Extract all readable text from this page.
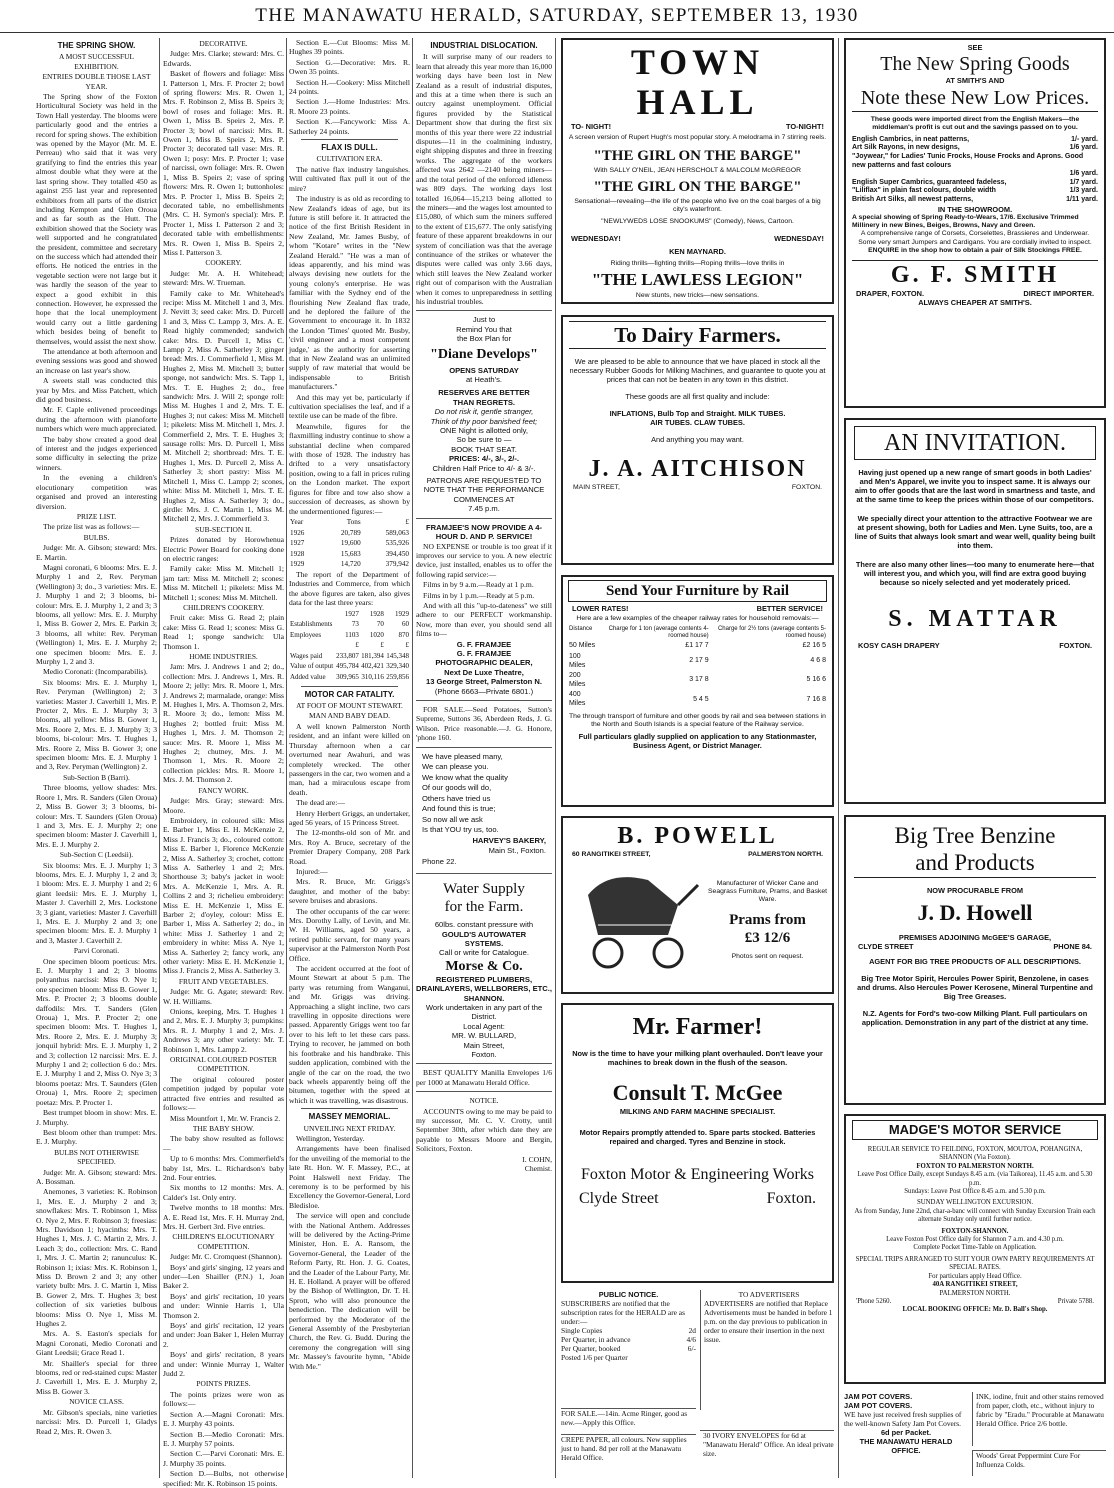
THE MANAWATU HERALD, SATURDAY, SEPTEMBER 13, 1930
THE SPRING SHOW.
A MOST SUCCESSFUL EXHIBITION.
ENTRIES DOUBLE THOSE LAST YEAR.

The Spring show of the Foxton Horticultural Society was held in the Town Hall yesterday. The blooms were particularly good and the entries a record for spring shows. The exhibition was opened by the Mayor (Mr. M. E. Perreau) who said that it was very gratifying to find the entries this year almost double what they were at the last spring show. They totalled 450 as against 255 last year and represented exhibitors from all parts of the district including Kempton and Glen Oroua and as far south as the Hutt. The exhibition showed that the Society was well supported and he congratulated the president, committee and secretary on the success which had attended their efforts. He noticed the entries in the vegetable section were not large but it was hardly the season of the year to expect a good exhibit in this connection. However, he expressed the hope that the local unemployment would carry out a little gardening which besides being of benefit to themselves, would assist the next show.

The attendance at both afternoon and evening sessions was good and showed an increase on last year's show.

A sweets stall was conducted this year by Mrs. and Miss Patchett, which did good business.

Mr. F. Caple enlivened proceedings during the afternoon with pianoforte numbers which were much appreciated.

The baby show created a good deal of interest and the judges experienced some difficulty in selecting the prize winners.

In the evening a children's elocutionary competition was organised and proved an interesting diversion.

PRIZE LIST.

The prize list was as follows:—

BULBS.

Judge: Mr. A. Gibson; steward: Mrs. E. Martin.

Magni coronati, 6 blooms: Mrs. E. J. Murphy 1 and 2, Rev. Peryman (Wellington) 3; do., 3 varieties: Mrs. E. J. Murphy 1 and 2; 3 blooms, bi-colour: Mrs. E. J. Murphy 1, 2 and 3; 3 blooms, all yellow: Mrs. E. J. Murphy 1, Miss B. Gower 2, Mrs. E. Parkin 3; 3 blooms, all white: Rev. Peryman (Wellington) 1, Mrs. E. J. Murphy 2; one specimen bloom: Mrs. E. J. Murphy 1, 2 and 3.

Medio Coronati: (Incomparabilis).

Six blooms: Mrs. E. J. Murphy 1, Rev. Peryman (Wellington) 2; 3 varieties: Master J. Caverhill 1, Mrs. P. Procter 2, Mrs. E. J. Murphy 3; 3 blooms, all yellow: Miss B. Gower 1, Mrs. Roore 2, Mrs. E. J. Murphy 3; 3 blooms, bi-colour: Mrs. T. Hughes 1, Mrs. Roore 2, Miss B. Gower 3; one specimen bloom: Mrs. E. J. Murphy 1 and 3, Rev. Peryman (Wellington) 2.

Sub-Section B (Barri).

Three blooms, yellow shades: Mrs. Roore 1, Mrs. R. Sanders (Glen Oroua) 2, Miss B. Gower 3; 3 blooms, bi-colour: Mrs. T. Saunders (Glen Oroua) 1 and 3, Mrs. E. J. Murphy 2; one specimen bloom: Master J. Caverhill 1, Mrs. E. J. Murphy 2.

Sub-Section C (Leedsii).

Six blooms: Mrs. E. J. Murphy 1; 3 blooms, Mrs. E. J. Murphy 1, 2 and 3; 1 bloom: Mrs. E. J. Murphy 1 and 2; 6 giant leedsii: Mrs. E. J. Murphy 1, Master J. Caverhill 2, Mrs. Lockstone 3; 3 giant, varieties: Master J. Caverhill 1, Mrs. E. J. Murphy 2 and 3; one specimen bloom: Mrs. E. J. Murphy 1 and 3, Master J. Caverhill 2.

Parvi Coronati.

One specimen bloom poeticus: Mrs. E. J. Murphy 1 and 2; 3 blooms polyanthus narcissi: Miss O. Nye 1; one specimen bloom: Miss B. Gower 1, Mrs. P. Procter 2; 3 blooms double daffodils: Mrs. T. Sanders (Glen Oroua) 1, Mrs. P. Procter 2; one specimen bloom: Mrs. T. Hughes 1, Mrs. Roore 2, Mrs. E. J. Murphy 3; jonquil hybrid: Mrs. E. J. Murphy 1, 2 and 3; collection 12 narcissi: Mrs. E. J. Murphy 1 and 2; collection 6 do.: Mrs. E. J. Murphy 1 and 2, Miss O. Nye 3; 3 blooms poetaz: Mrs. T. Saunders (Glen Oroua) 1, Mrs. Roore 2; specimen poetaz: Mrs. P. Procter 1.

Best trumpet bloom in show: Mrs. E. J. Murphy.

Best bloom other than trumpet: Mrs. E. J. Murphy.

BULBS NOT OTHERWISE SPECIFIED.

Judge: Mr. A. Gibson; steward: Mrs. A. Bossman.

Anemones, 3 varieties: K. Robinson 1, Mrs. E. J. Murphy 2 and 3; snowflakes: Mrs. T. Robinson 1, Miss O. Nye 2, Mrs. F. Robinson 3; freesias: Mrs. Davidson 1; hyacinths: Mrs. T. Hughes 1, Mrs. J. C. Martin 2, Mrs. J. Leach 3; do., collection: Mrs. C. Rand 1, Mrs. J. C. Martin 2; ranunculus: K. Robinson 1; ixias: Mrs. K. Robinson 1, Miss D. Brown 2 and 3; any other variety bulb: Mrs. J. C. Martin 1, Miss B. Gower 2, Mrs. T. Hughes 3; best collection of six varieties bulbous blooms: Miss O. Nye 1, Miss M. Hughes 2.

Mrs. A. S. Easton's specials for Magni Coronati, Medio Coronati and Giant Leedsii; Grace Read 1.

Mr. Shailler's special for three blooms, red or red-stained cups: Master J. Caverhill 1, Mrs. E. J. Murphy 2, Miss B. Gower 3.

NOVICE CLASS.

Mr. Gibson's specials, nine varieties narcissi: Mrs. D. Purcell 1, Gladys Read 2, Mrs. R. Owen 3.

DECORATIVE.

Judge: Mrs. Clarke; steward: Mrs. C. Edwards.

Basket of flowers and foliage: Miss I. Patterson 1, Mrs. F. Procter 2; bowl of spring flowers: Mrs. R. Owen 1, Mrs. F. Robinson 2, Miss B. Speirs 3; bowl of roses and foliage: Mrs. R. Owen 1, Miss B. Speirs 2, Mrs. P. Procter 3; bowl of narcissi: Mrs. R. Owen 1, Miss B. Speirs 2, Mrs. P. Procter 3; decorated tall vase: Mrs. R. Owen 1; posy: Mrs. P. Procter 1; vase of narcissi, own foliage: Mrs. R. Owen 1, Miss B. Speirs 2; vase of spring flowers: Mrs. R. Owen 1; buttonholes: Mrs. P. Procter 1, Miss B. Speirs 2; decorated table, no embellishments (Mrs. C. H. Symon's special): Mrs. P. Procter 1, Miss I. Patterson 2 and 3; decorated table with embellishments: Mrs. R. Owen 1, Miss B. Speirs 2, Miss I. Patterson 3.

COOKERY.

Judge: Mr. A. H. Whitehead; steward: Mrs. W. Trueman.

Family cake to Mr. Whitehead's recipe: Miss M. Mitchell 1 and 3, Mrs. J. Nevitt 3; seed cake: Mrs. D. Purcell 1 and 3, Miss C. Lampp 3, Mrs. A. E. Read highly commended; sandwich cake: Mrs. D. Purcell 1, Miss C. Lampp 2, Miss A. Satherley 3; ginger bread: Mrs. J. Commerfield 1, Miss M. Hughes 2, Miss M. Mitchell 3; butter sponge, not sandwich: Mrs. S. Tapp 1, Mrs. T. E. Hughes 2; do., free sandwich: Mrs. J. Will 2; sponge roll: Miss M. Hughes 1 and 2, Mrs. T. E. Hughes 3; nut cakes: Miss M. Mitchell 1; pikelets: Miss M. Mitchell 1, Mrs. J. Commerfield 2, Mrs. T. E. Hughes 3; sausage rolls: Mrs. D. Purcell 1, Miss M. Mitchell 2; shortbread: Mrs. T. E. Hughes 1, Mrs. D. Purcell 2, Miss A. Satherley 3; short pastry: Miss M. Mitchell 1, Miss C. Lampp 2; scones, white: Miss M. Mitchell 1, Mrs. T. E. Hughes 2, Miss A. Satherley 3; do., girdle: Mrs. J. C. Martin 1, Miss M. Mitchell 2, Mrs. J. Commerfield 3.

SUB-SECTION II.

Prizes donated by Horowhenua Electric Power Board for cooking done on electric ranges:

Family cake: Miss M. Mitchell 1; jam tart: Miss M. Mitchell 2; scones: Miss M. Mitchell 1; pikelets: Miss M. Mitchell 1; scones: Miss M. Mitchell.

CHILDREN'S COOKERY.

Fruit cake: Miss G. Read 2; plain cake: Miss G. Read 1; scones: Miss G. Read 1; sponge sandwich: Ula Thomson 1.

HOME INDUSTRIES.

Jam: Mrs. J. Andrews 1 and 2; do., collection: Mrs. J. Andrews 1, Mrs. R. Moore 2; jelly: Mrs. R. Moore 1, Mrs. J. Andrews 2; marmalade, orange: Miss M. Hughes 1, Mrs. A. Thomson 2, Mrs. R. Moore 3; do., lemon: Miss M. Hughes 2; bottled fruit: Miss M. Hughes 1, Mrs. J. M. Thomson 2; sauce: Mrs. R. Moore 1, Miss M. Hughes 2; chutney, Mrs. J. M. Thomson 1, Mrs. R. Moore 2; collection pickles: Mrs. R. Moore 1, Mrs. J. M. Thomson 2.

FANCY WORK.

Judge: Mrs. Gray; steward: Mrs. Moore.

Embroidery, in coloured silk: Miss E. Barber 1, Miss E. H. McKenzie 2, Miss J. Francis 3; do., coloured cotton: Miss E. Barber 1, Florence McKenzie 2, Miss A. Satherley 3; crochet, cotton: Miss A. Satherley 1 and 2; Mrs. Shorthouse 3; baby's jacket in wool: Mrs. A. McKenzie 1, Mrs. A. R. Collins 2 and 3; richelieu embroidery: Miss E. H. McKenzie 1, Miss E. Barber 2; d'oyley, colour: Miss E. Barber 1, Miss A. Satherley 2; do., in white: Miss J. Satherley 1 and 2; embroidery in white: Miss A. Nye 1, Miss A. Satherley 2; fancy work, any other variety: Miss E. H. McKenzie 1, Miss J. Francis 2, Miss A. Satherley 3.

FRUIT AND VEGETABLES.

Judge: Mr. G. Agate; steward: Rev. W. H. Williams.

Onions, keeping, Mrs. T. Hughes 1 and 2, Mrs. E. J. Murphy 3; pumpkins: Mrs. R. J. Murphy 1 and 2, Mrs. J. Andrews 3; any other variety: Mr. T. Robinson 1, Mrs. Lampp 2.

ORIGINAL COLOURED POSTER COMPETITION.

The original coloured poster competition judged by popular vote attracted five entries and resulted as follows:—

Miss Mountfort 1, Mr. W. Francis 2.

THE BABY SHOW.

The baby show resulted as follows:—

Up to 6 months: Mrs. Commerfield's baby 1st, Mrs. L. Richardson's baby 2nd. Four entries.

Six months to 12 months: Mrs. A. Calder's 1st. Only entry.

Twelve months to 18 months: Mrs. A. E. Read 1st, Mrs. F. H. Murray 2nd, Mrs. H. Gerbert 3rd. Five entries.

CHILDREN'S ELOCUTIONARY COMPETITION.

Judge: Mr. C. Cromquest (Shannon).

Boys' and girls' singing, 12 years and under—Len Shailler (P.N.) 1, Joan Baker 2.

Boys' and girls' recitation, 10 years and under: Winnie Harris 1, Ula Thomson 2.

Boys' and girls' recitation, 12 years and under: Joan Baker 1, Helen Murray 2.

Boys' and girls' recitation, 8 years and under: Winnie Murray 1, Walter Judd 2.

POINTS PRIZES.

The points prizes were won as follows:—

Section A.—Magni Coronati: Mrs. E. J. Murphy 43 points.

Section B.—Medio Coronati: Mrs. E. J. Murphy 57 points.

Section C.—Parvi Coronati: Mrs. E. J. Murphy 35 points.

Section D.—Bulbs, not otherwise specified: Mr. K. Robinson 15 points.

Section E.—Cut Blooms: Miss M. Hughes 39 points.

Section G.—Decorative: Mrs. R. Owen 35 points.

Section H.—Cookery: Miss Mitchell 24 points.

Section J.—Home Industries: Mrs. R. Moore 23 points.

Section K.—Fancywork: Miss A. Satherley 24 points.

FLAX IS DULL.
CULTIVATION ERA.

The native flax industry languishes. Will cultivated flax pull it out of the mire?

The industry is as old as recording to New Zealand's ideas of age, but its future is still before it. It attracted the notice of the first British Resident in New Zealand, Mr. James Busby, of whom "Kotare" writes in the "New Zealand Herald." "He was a man of ideas apparently, and his mind was always devising new outlets for the young colony's enterprise. He was familiar with the Sydney end of the flourishing New Zealand flax trade, and he deplored the failure of the Government to encourage it. In 1832 the London 'Times' quoted Mr. Busby, 'civil engineer and a most competent judge,' as the authority for asserting that in New Zealand was an unlimited supply of raw material that would be indispensable to British manufacturers."

And this may yet be, particularly if cultivation specialises the leaf, and if a textile use can be made of the fibre.

Meanwhile, figures for the flaxmilling industry continue to show a substantial decline when compared with those of 1928. The industry has drifted to a very unsatisfactory position, owing to a fall in prices ruling on the London market. The export figures for fibre and tow also show a succession of decreases, as shown by the undermentioned figures:—

Year	Tons	£
1926	20,789	589,063
1927	19,600	535,926
1928	15,683	394,450
1929	14,720	379,942

The report of the Department of Industries and Commerce, from which the above figures are taken, also gives data for the last three years:

	1927	1928	1929
Establishments	73	70	60
Employees	1103	1020	870
	£	£	£
Wages paid	233,807	181,394	145,348
Value of output	495,784	402,421	329,340
Added value	309,965	310,116	259,856
MOTOR CAR FATALITY.
AT FOOT OF MOUNT STEWART.
MAN AND BABY DEAD.

A well known Palmerston North resident, and an infant were killed on Thursday afternoon when a car overturned near Awahuri, and was completely wrecked. The other passengers in the car, two women and a man, had a miraculous escape from death.

The dead are:—

Henry Herbert Griggs, an undertaker, aged 56 years, of 15 Princess Street.

The 12-months-old son of Mr. and Mrs. Roy A. Bruce, secretary of the Premier Drapery Company, 208 Park Road.

Injured:—

Mrs. R. Bruce, Mr. Griggs's daughter, and mother of the baby: severe bruises and abrasions.

The other occupants of the car were: Mrs. Dorothy Lally, of Levin, and Mr. W. H. Williams, aged 50 years, a retired public servant, for many years supervisor at the Palmerston North Post Office.

The accident occurred at the foot of Mount Stewart at about 5 p.m. The party was returning from Wanganui, and Mr. Griggs was driving. Approaching a slight incline, two cars travelling in opposite directions were passed. Apparently Griggs went too far over to his left to let these cars pass. Trying to recover, he jammed on both his footbrake and his handbrake. This sudden application, combined with the angle of the car on the road, the two back wheels apparently being off the bitumen, together with the speed at which it was travelling, was disastrous.

MASSEY MEMORIAL.
UNVEILING NEXT FRIDAY.

Wellington, Yesterday.

Arrangements have been finalised for the unveiling of the memorial to the late Rt. Hon. W. F. Massey, P.C., at Point Halswell next Friday. The ceremony is to be performed by his Excellency the Governor-General, Lord Bledisloe.

The service will open and conclude with the National Anthem. Addresses will be delivered by the Acting-Prime Minister, Hon. E. A. Ransom, the Governor-General, the Leader of the Reform Party, Rt. Hon. J. G. Coates, and the Leader of the Labour Party, Mr. H. E. Holland. A prayer will be offered by the Bishop of Wellington, Dr. T. H. Sprott, who will also pronounce the benediction. The dedication will be performed by the Moderator of the General Assembly of the Presbyterian Church, the Rev. G. Budd. During the ceremony the congregation will sing Mr. Massey's favourite hymn, "Abide With Me."

INDUSTRIAL DISLOCATION.

It will surprise many of our readers to learn that already this year more than 16,000 working days have been lost in New Zealand as a result of industrial disputes, and this at a time when there is such an outcry against unemployment. Official figures provided by the Statistical Department show that during the first six months of this year there were 22 industrial disputes—11 in the coalmining industry, eight shipping disputes and three in freezing works. The aggregate of the workers affected was 2642 —2140 being miners—and the total period of the enforced idleness was 809 days. The working days lost totalled 16,064—15,213 being allotted to the miners—and the wages lost amounted to £15,080, of which sum the miners suffered to the extent of £15,677. The only satisfying feature of these apparent breakdowns in our system of conciliation was that the average continuance of the strikes or whatever the disputes were called was only 3.66 days, which still leaves the New Zealand worker right out of comparison with the Australian when it comes to unpreparedness in settling his industrial troubles.

Just to
Remind You that
the Box Plan for
"Diane Develops"
OPENS SATURDAY
at Heath's.
RESERVES ARE BETTER
THAN REGRETS.
Do not risk it, gentle stranger,
Think of thy poor banished feet;
ONE Night is allotted only,
So be sure to —
BOOK THAT SEAT.
PRICES: 4/-, 3/-, 2/-.
Children Half Price to 4/- & 3/-.
PATRONS ARE REQUESTED TO NOTE THAT THE PERFORMANCE COMMENCES AT
7.45 p.m.
FRAMJEE'S NOW PROVIDE A 4-HOUR D. AND P. SERVICE!

NO EXPENSE or trouble is too great if it improves our service to you. A new electric device, just installed, enables us to offer the following rapid service:—

Films in by 9 a.m.—Ready at 1 p.m.

Films in by 1 p.m.—Ready at 5 p.m.

And with all this "up-to-dateness" we still adhere to our PERFECT workmanship. Now, more than ever, you should send all films to—

G. F. FRAMJEE
G. F. FRAMJEE
PHOTOGRAPHIC DEALER,
Next De Luxe Theatre,
13 George Street, Palmerston N.
(Phone 6663—Private 6801.)

FOR SALE.—Seed Potatoes, Sutton's Supreme, Suttons 36, Aberdeen Reds, J. G. Wilson. Price reasonable.—J. G. Honore, 'phone 160.

We have pleased many,
We can please you.
We know what the quality
Of our goods will do,
Others have tried us
And found this is true;
So now all we ask
Is that YOU try us, too.
HARVEY'S BAKERY,
Main St., Foxton.
Phone 22.
Water Supply
for the Farm.
60lbs. constant pressure with
GOULD'S AUTOWATER
SYSTEMS.
Call or write for Catalogue.
Morse & Co.
REGISTERED PLUMBERS, DRAINLAYERS, WELLBORERS, ETC., SHANNON.
Work undertaken in any part of the District.
Local Agent:
MR. W. BULLARD,
Main Street,
Foxton.

BEST QUALITY Manilla Envelopes 1/6 per 1000 at Manawatu Herald Office.

NOTICE.

ACCOUNTS owing to me may be paid to my successor, Mr. C. V. Crotty, until September 30th, after which date they are payable to Messrs Moore and Bergin, Solicitors, Foxton.

I. COHN,
Chemist.
TOWN HALL
TO- NIGHT!	TO-NIGHT!
A screen version of Rupert Hugh's most popular story. A melodrama in 7 stirring reels.
"THE GIRL ON THE BARGE"
With SALLY O'NEIL, JEAN HERSCHOLT & MALCOLM McGREGOR
"THE GIRL ON THE BARGE"
Sensational—revealing—the life of the people who live on the coal barges of a big city's waterfront.
"NEWLYWEDS LOSE SNOOKUMS" (Comedy), News, Cartoon.
WEDNESDAY!	WEDNESDAY!
KEN MAYNARD.
Riding thrills—fighting thrills—Roping thrills—love thrills in
"THE LAWLESS LEGION"
New stunts, new tricks—new sensations.
To Dairy Farmers.
We are pleased to be able to announce that we have placed in stock all the necessary Rubber Goods for Milking Machines, and guarantee to quote you at prices that can not be beaten in any town in this district.
These goods are all first quality and include:
INFLATIONS, Bulb Top and Straight. MILK TUBES.
AIR TUBES. CLAW TUBES.
And anything you may want.
J. A. AITCHISON
MAIN STREET,	FOXTON.
Send Your Furniture by Rail
LOWER RATES!	BETTER SERVICE!
Here are a few examples of the cheaper railway rates for household removals:—
Distance	Charge for 1 ton (average contents 4-roomed house)	Charge for 2½ tons (average contents 5-roomed house)
50 Miles	£1 17 7	£2 16 5
100 Miles	2 17 9	4 6 8
200 Miles	3 17 8	5 16 6
400 Miles	5 4 5	7 16 8
The through transport of furniture and other goods by rail and sea between stations in the North and South Islands is a special feature of the Railway service.
Full particulars gladly supplied on application to any Stationmaster, Business Agent, or District Manager.
B. POWELL
60 RANGITIKEI STREET,	PALMERSTON NORTH.
Manufacturer of Wicker Cane and Seagrass Furniture, Prams, and Basket Ware.
Prams from
£3 12/6
Photos sent on request.
Mr. Farmer!
Now is the time to have your milking plant overhauled. Don't leave your machines to break down in the flush of the season.
Consult T. McGee
MILKING AND FARM MACHINE SPECIALIST.
Motor Repairs promptly attended to. Spare parts stocked. Batteries repaired and charged. Tyres and Benzine in stock.
Foxton Motor & Engineering Works
Clyde Street	Foxton.
PUBLIC NOTICE.
SUBSCRIBERS are notified that the subscription rates for the HERALD are as under:—
Single Copies	2d
Per Quarter, in advance	4/6
Per Quarter, booked	6/-
Posted 1/6 per Quarter
TO ADVERTISERS
ADVERTISERS are notified that Replace Advertisements must be handed in before 1 p.m. on the day previous to publication in order to ensure their insertion in the next issue.
FOR SALE.—14in. Acme Ringer, good as new.—Apply this Office.
CREPE PAPER, all colours. New supplies just to hand. 8d per roll at the Manawatu Herald Office.
30 IVORY ENVELOPES for 6d at "Manawatu Herald" Office. An ideal private size.
SEE
The New Spring Goods
AT SMITH'S AND
Note these New Low Prices.
These goods were imported direct from the English Makers—the middleman's profit is cut out and the savings passed on to you.
English Cambrics, in neat patterns,	1/- yard.
Art Silk Rayons, in new designs,	1/6 yard.
"Joywear," for Ladies' Tunic Frocks, House Frocks and Aprons. Good new patterns and fast colours
1/6 yard.
English Super Cambrics, guaranteed fadeless,	1/7 yard.
"Liliflax" in plain fast colours, double width	1/3 yard.
British Art Silks, all newest patterns,	1/11 yard.
IN THE SHOWROOM.
A special showing of Spring Ready-to-Wears, 17/6. Exclusive Trimmed Millinery in new Bines, Beiges, Browns, Navy and Green.
A comprehensive range of Corsets, Corselettes, Brassieres and Underwear.
Some very smart Jumpers and Cardigans. You are cordially invited to inspect.
ENQUIRE in the shop how to obtain a pair of Silk Stockings FREE.
G. F. SMITH
DRAPER, FOXTON.	DIRECT IMPORTER.
ALWAYS CHEAPER AT SMITH'S.
AN INVITATION.
Having just opened up a new range of smart goods in both Ladies' and Men's Apparel, we invite you to inspect same. It is always our aim to offer goods that are the last word in smartness and taste, and at the same time to keep the prices within those of our competitors.
We specially direct your attention to the attractive Footwear we are at present showing, both for Ladies and Men. Lyne Suits, too, are a line of Suits that always look smart and wear well, quality being built into them.
There are also many other lines—too many to enumerate here—that will interest you, and which you, will find are extra good buying because so nicely selected and yet moderately priced.
S. MATTAR
KOSY CASH DRAPERY	FOXTON.
Big Tree Benzine
and Products
NOW PROCURABLE FROM
J. D. Howell
PREMISES ADJOINING McGEE'S GARAGE,
CLYDE STREET	PHONE 84.
AGENT FOR BIG TREE PRODUCTS OF ALL DESCRIPTIONS.
Big Tree Motor Spirit, Hercules Power Spirit, Benzolene, in cases and drums. Also Hercules Power Kerosene, Mineral Turpentine and Big Tree Greases.
N.Z. Agents for Ford's two-cow Milking Plant. Full particulars on application. Demonstration in any part of the district at any time.
MADGE'S MOTOR SERVICE
REGULAR SERVICE TO FEILDING, FOXTON, MOUTOA, POHANGINA, SHANNON (Via Foxton).
FOXTON TO PALMERSTON NORTH.
Leave Post Office Daily, except Sundays 8.45 a.m. (via Taikorea), 11.45 a.m. and 5.30 p.m.
Sundays: Leave Post Office 8.45 a.m. and 5.30 p.m.
SUNDAY WELLINGTON EXCURSION.
As from Sunday, June 22nd, char-a-banc will connect with Sunday Excursion Train each alternate Sunday only until further notice.
FOXTON-SHANNON.
Leave Foxton Post Office daily for Shannon 7 a.m. and 4.30 p.m.
Complete Pocket Time-Table on Application.
SPECIAL TRIPS ARRANGED TO SUIT YOUR OWN PARTY REQUIREMENTS AT SPECIAL RATES.
For particulars apply Head Office.
40A RANGITIKEI STREET,
PALMERSTON NORTH.
'Phone 5260.	Private 5788.
LOCAL BOOKING OFFICE: Mr. D. Ball's Shop.
JAM POT COVERS.
JAM POT COVERS.
WE have just received fresh supplies of the well-known Safety Jam Pot Covers.
6d per Packet.
THE MANAWATU HERALD
OFFICE.
INK, iodine, fruit and other stains removed from paper, cloth, etc., without injury to fabric by "Eradu." Procurable at Manawatu Herald Office. Price 2/6 bottle.
Woods' Great Peppermint Cure For Influenza Colds.
